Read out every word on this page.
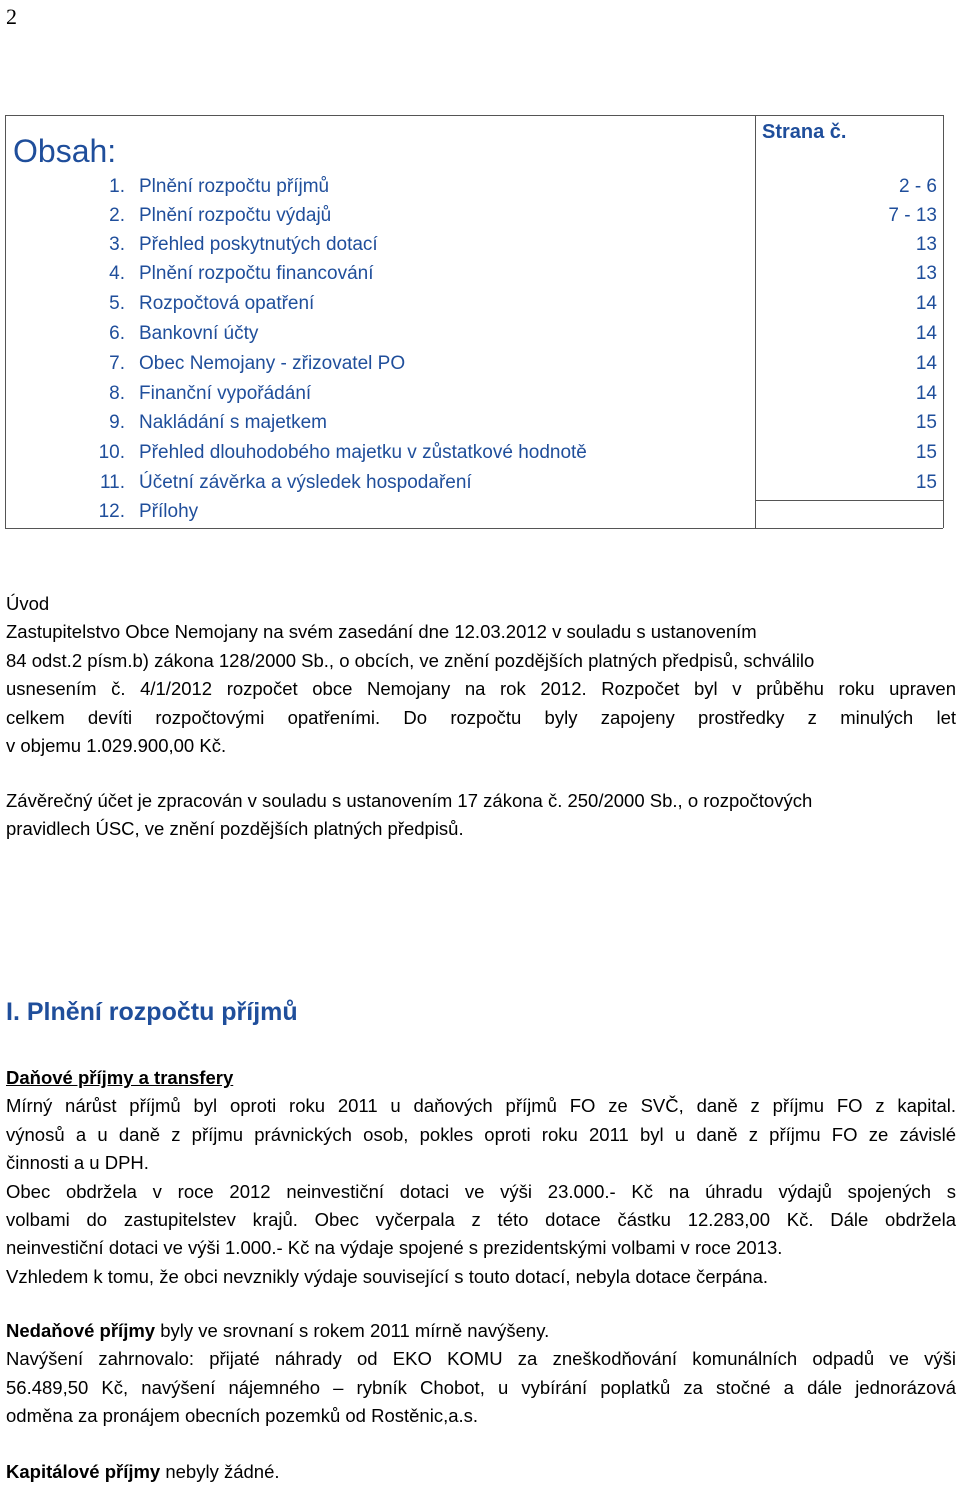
2
Obsah:
Strana č.
1. Plnění rozpočtu příjmů	2 - 6
2. Plnění rozpočtu výdajů	7 - 13
3. Přehled poskytnutých dotací	13
4. Plnění rozpočtu financování	13
5. Rozpočtová opatření	14
6. Bankovní účty	14
7. Obec Nemojany - zřizovatel PO	14
8. Finanční vypořádání	14
9. Nakládání s majetkem	15
10. Přehled dlouhodobého majetku v zůstatkové hodnotě	15
11. Účetní závěrka a výsledek hospodaření	15
12. Přílohy

Úvod

Zastupitelstvo Obce Nemojany na svém zasedání dne 12.03.2012 v souladu s ustanovením

84 odst.2 písm.b) zákona 128/2000 Sb., o obcích, ve znění pozdějších platných předpisů, schválilo

usnesením č. 4/1/2012 rozpočet obce Nemojany na rok 2012. Rozpočet byl v průběhu roku upraven

celkem devíti rozpočtovými opatřeními. Do rozpočtu byly zapojeny prostředky z minulých let

v objemu 1.029.900,00 Kč.

Závěrečný účet je zpracován v souladu s ustanovením 17 zákona č. 250/2000 Sb., o rozpočtových

pravidlech ÚSC, ve znění pozdějších platných předpisů.

I. Plnění rozpočtu příjmů

Daňové příjmy a transfery

Mírný nárůst příjmů byl oproti roku 2011 u daňových příjmů FO ze SVČ, daně z příjmu FO z kapital.

výnosů a u daně z příjmu právnických osob, pokles oproti roku 2011 byl u daně z příjmu FO ze závislé

činnosti a u DPH.

Obec obdržela v roce 2012 neinvestiční dotaci ve výši 23.000.- Kč na úhradu výdajů spojených s

volbami do zastupitelstev krajů. Obec vyčerpala z této dotace částku 12.283,00 Kč. Dále obdržela

neinvestiční dotaci ve výši 1.000.- Kč na výdaje spojené s prezidentskými volbami v roce 2013.

Vzhledem k tomu, že obci nevznikly výdaje související s touto dotací, nebyla dotace čerpána.

Nedaňové příjmy byly ve srovnaní s rokem 2011 mírně navýšeny.

Navýšení zahrnovalo: přijaté náhrady od EKO KOMU za zneškodňování komunálních odpadů ve výši

56.489,50 Kč, navýšení nájemného – rybník Chobot, u vybírání poplatků za stočné a dále jednorázová

odměna za pronájem obecních pozemků od Rostěnic,a.s.

Kapitálové příjmy nebyly žádné.
